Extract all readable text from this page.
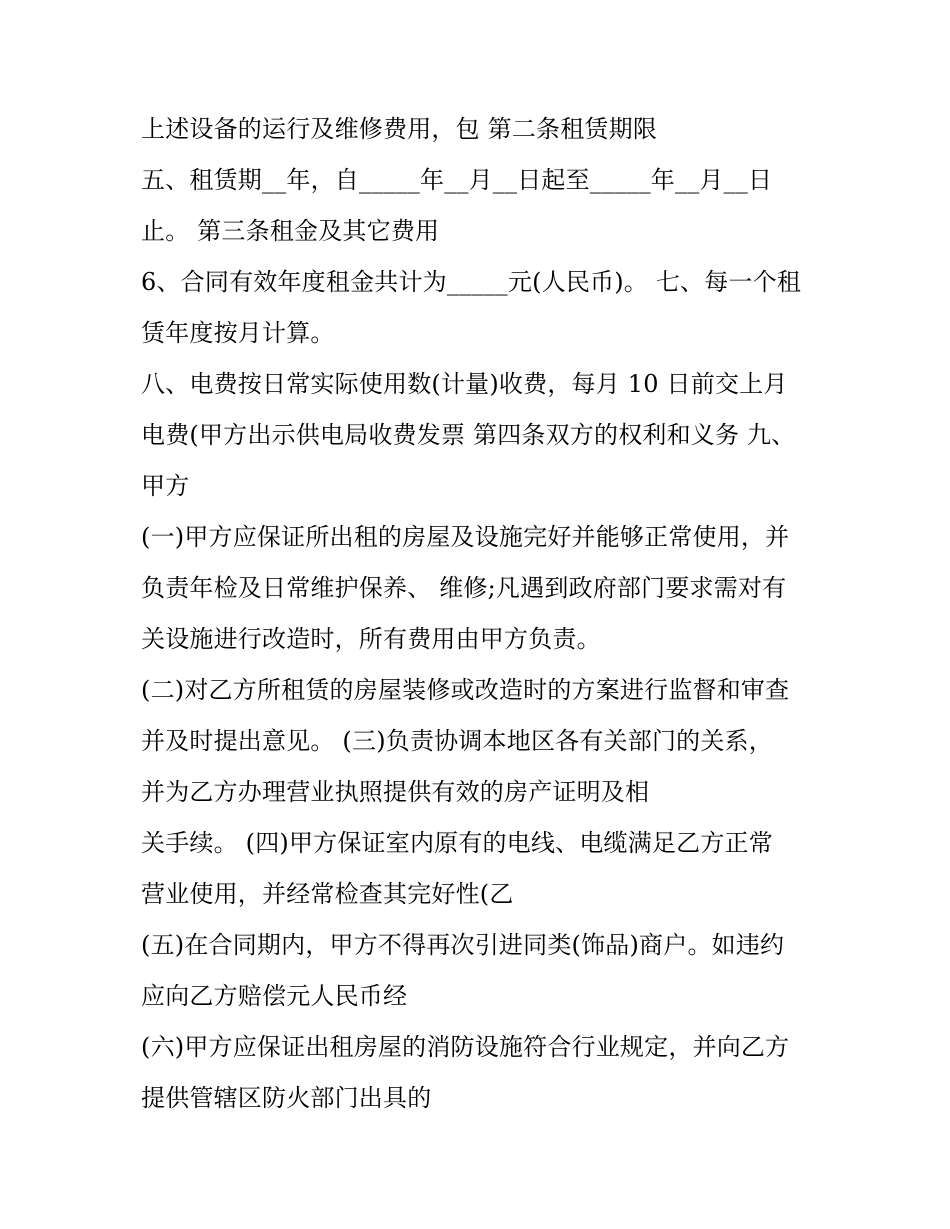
上述设备的运行及维修费用，包 第二条租赁期限
五、租赁期__年，自_____年__月__日起至_____年__月__日
止。 第三条租金及其它费用
6、合同有效年度租金共计为_____元(人民币)。 七、每一个租
赁年度按月计算。
八、电费按日常实际使用数(计量)收费，每月 10 日前交上月
电费(甲方出示供电局收费发票 第四条双方的权利和义务 九、
甲方
(一)甲方应保证所出租的房屋及设施完好并能够正常使用，并
负责年检及日常维护保养、 维修;凡遇到政府部门要求需对有
关设施进行改造时，所有费用由甲方负责。
(二)对乙方所租赁的房屋装修或改造时的方案进行监督和审查
并及时提出意见。 (三)负责协调本地区各有关部门的关系，
并为乙方办理营业执照提供有效的房产证明及相
关手续。 (四)甲方保证室内原有的电线、电缆满足乙方正常
营业使用，并经常检查其完好性(乙
(五)在合同期内，甲方不得再次引进同类(饰品)商户。如违约
应向乙方赔偿元人民币经
(六)甲方应保证出租房屋的消防设施符合行业规定，并向乙方
提供管辖区防火部门出具的
